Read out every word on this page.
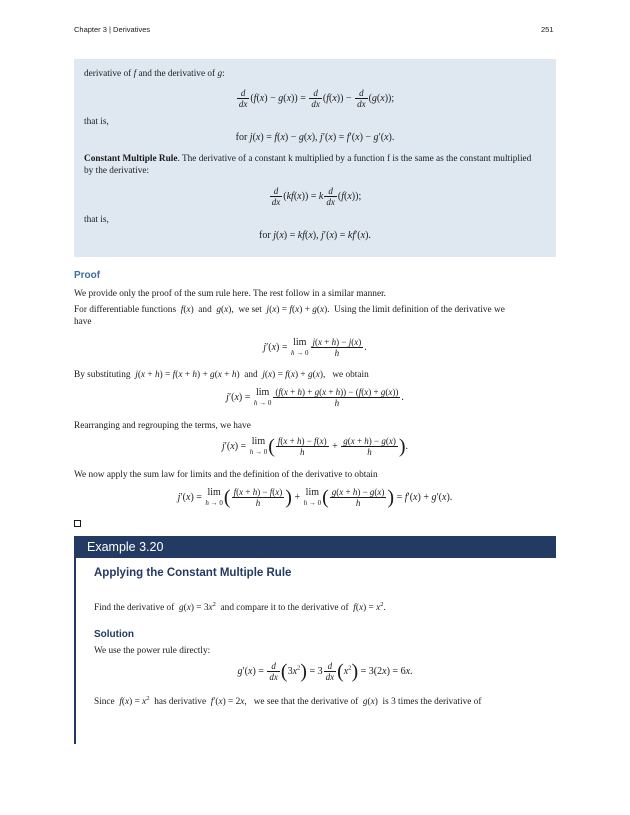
Chapter 3 | Derivatives	251
derivative of f and the derivative of g:
$\frac{d}{dx} (f(x) - g(x)) = \frac{d}{dx} (f(x)) - \frac{d}{dx} (g(x))$;
that is,
for j(x) = f(x) − g(x), j′(x) = f′(x) − g′(x).
Constant Multiple Rule. The derivative of a constant k multiplied by a function f is the same as the constant multiplied
by the derivative:
$\frac{d}{dx} (kf(x)) = k \frac{d}{dx} (f(x))$;
that is,
for j(x) = kf(x), j′(x) = kf′(x).
Proof
We provide only the proof of the sum rule here. The rest follow in a similar manner.
For differentiable functions  f(x)  and  g(x),  we set  j(x) = f(x) + g(x).  Using the limit definition of the derivative we
have
j′(x) = lim
$h \to 0 \frac{j(x + h) - j(x)}{h}$ .
By substituting  j(x + h) = f(x + h) + g(x + h)  and  j(x) = f(x) + g(x),   we obtain
j′(x) = lim
$h \to 0 \frac{(f(x + h) + g(x + h)) - (f(x) + g(x))}{h}$ .
Rearranging and regrouping the terms, we have
j′(x) = lim
h → 0 ( $\frac{f(x + h) - f(x)}{h} + \frac{g(x + h) - g(x)}{h}$ ).
We now apply the sum law for limits and the definition of the derivative to obtain
j′(x) = lim
h → 0 ( $\frac{f(x + h) - f(x)}{h}$ ) + lim
h → 0 ( $\frac{g(x + h) - g(x)}{h}$ ) = f′(x) + g′(x).
Example 3.20
Applying the Constant Multiple Rule
Find the derivative of  $g(x) = 3x^2$  and compare it to the derivative of  $f(x) = x^2$.
Solution
We use the power rule directly:
$g'(x) = \frac{d}{dx} (3x^2) = 3 \frac{d}{dx} (x^2) = 3(2x) = 6x$.
Since  $f(x) = x^2$  has derivative  f′(x) = 2x,   we see that the derivative of  g(x)  is 3 times the derivative of
